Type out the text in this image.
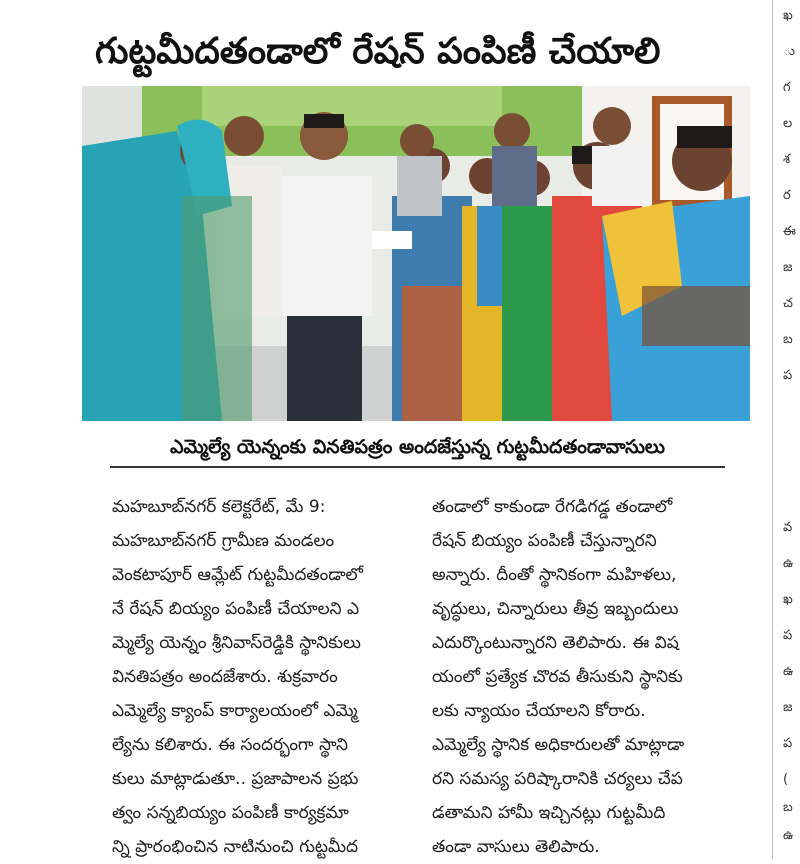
గుట్టమీదతండాలో రేషన్ పంపిణీ చేయాలి
ఎమ్మెల్యే యెన్నంకు వినతిపత్రం అందజేస్తున్న గుట్టమీదతండావాసులు
మహబూబ్‌నగర్ కలెక్టరేట్, మే 9:
మహబూబ్‌నగర్ గ్రామీణ మండలం
వెంకటాపూర్ ఆమ్లేట్ గుట్టమీదతండాలో
నే రేషన్ బియ్యం పంపిణీ చేయాలని ఎ
మ్మెల్యే యెన్నం శ్రీనివాస్‌రెడ్డికి స్థానికులు
వినతిపత్రం అందజేశారు. శుక్రవారం
ఎమ్మెల్యే క్యాంప్ కార్యాలయంలో ఎమ్మె
ల్యేను కలిశారు. ఈ సందర్భంగా స్థాని
కులు మాట్లాడుతూ.. ప్రజాపాలన ప్రభు
త్వం సన్నబియ్యం పంపిణీ కార్యక్రమా
న్ని ప్రారంభించిన నాటినుంచి గుట్టమీద
తండాలో కాకుండా రేగడిగడ్డ తండాలో
రేషన్ బియ్యం పంపిణీ చేస్తున్నారని
అన్నారు. దీంతో స్థానికంగా మహిళలు,
వృద్ధులు, చిన్నారులు తీవ్ర ఇబ్బందులు
ఎదుర్కొంటున్నారని తెలిపారు. ఈ విష
యంలో ప్రత్యేక చొరవ తీసుకుని స్థానికు
లకు న్యాయం చేయాలని కోరారు.
ఎమ్మెల్యే స్థానిక అధికారులతో మాట్లాడా
రని సమస్య పరిష్కారానికి చర్యలు చేప
డతామని హామీ ఇచ్చినట్లు గుట్టమీది
తండా వాసులు తెలిపారు.
ఖ
ు
గ
ల
శ
ర
ఈ
జ
చ
బ
ప
వ
ఉ
ఖ
ప
ఉ
జ
ప
(
బ
ఉ
